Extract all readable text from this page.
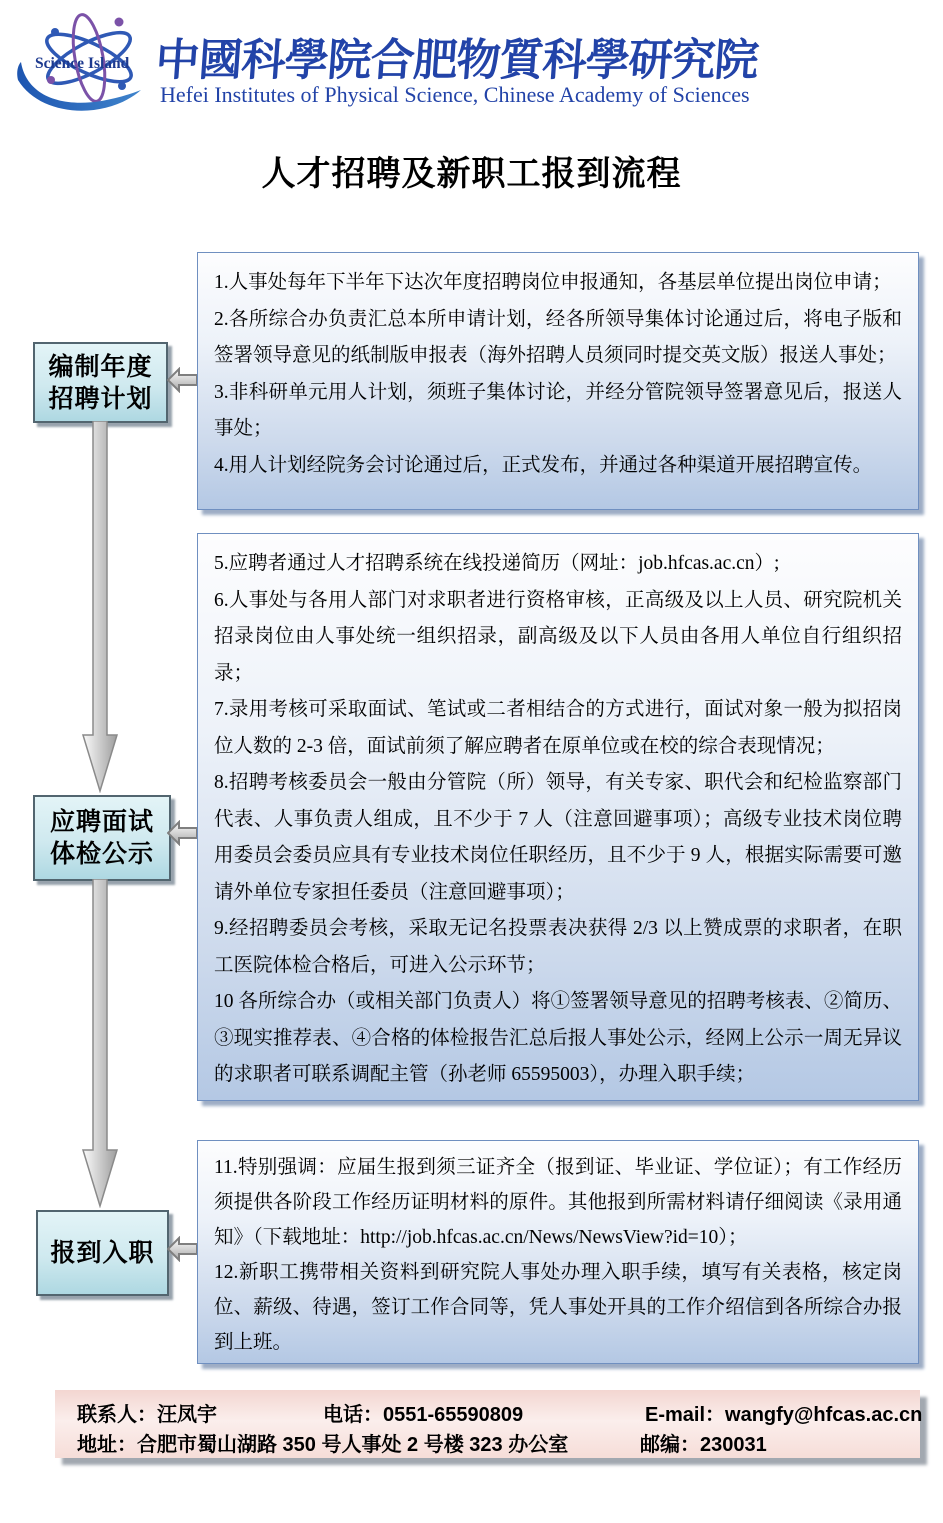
Science Island 中國科學院合肥物質科學研究院
Hefei Institutes of Physical Science, Chinese Academy of Sciences
人才招聘及新职工报到流程
编制年度
招聘计划
应聘面试
体检公示
报到入职

1.人事处每年下半年下达次年度招聘岗位申报通知，各基层单位提出岗位申请；

2.各所综合办负责汇总本所申请计划，经各所领导集体讨论通过后，将电子版和签署领导意见的纸制版申报表（海外招聘人员须同时提交英文版）报送人事处；

3.非科研单元用人计划，须班子集体讨论，并经分管院领导签署意见后，报送人事处；

4.用人计划经院务会讨论通过后，正式发布，并通过各种渠道开展招聘宣传。

5.应聘者通过人才招聘系统在线投递简历（网址：job.hfcas.ac.cn）;

6.人事处与各用人部门对求职者进行资格审核，正高级及以上人员、研究院机关招录岗位由人事处统一组织招录，副高级及以下人员由各用人单位自行组织招录；

7.录用考核可采取面试、笔试或二者相结合的方式进行，面试对象一般为拟招岗位人数的 2-3 倍，面试前须了解应聘者在原单位或在校的综合表现情况；

8.招聘考核委员会一般由分管院（所）领导，有关专家、职代会和纪检监察部门代表、人事负责人组成，且不少于 7 人（注意回避事项）；高级专业技术岗位聘用委员会委员应具有专业技术岗位任职经历，且不少于 9 人，根据实际需要可邀请外单位专家担任委员（注意回避事项）；

9.经招聘委员会考核，采取无记名投票表决获得 2/3 以上赞成票的求职者，在职工医院体检合格后，可进入公示环节；

10 各所综合办（或相关部门负责人）将①签署领导意见的招聘考核表、②简历、③现实推荐表、④合格的体检报告汇总后报人事处公示，经网上公示一周无异议的求职者可联系调配主管（孙老师 65595003），办理入职手续；

11.特别强调：应届生报到须三证齐全（报到证、毕业证、学位证）；有工作经历须提供各阶段工作经历证明材料的原件。其他报到所需材料请仔细阅读《录用通知》（下载地址：http://job.hfcas.ac.cn/News/NewsView?id=10）；

12.新职工携带相关资料到研究院人事处办理入职手续，填写有关表格，核定岗位、薪级、待遇，签订工作合同等，凭人事处开具的工作介绍信到各所综合办报到上班。

联系人：汪凤宇	电话：0551-65590809	E-mail：wangfy@hfcas.ac.cn
地址：合肥市蜀山湖路 350 号人事处 2 号楼 323 办公室	邮编：230031
